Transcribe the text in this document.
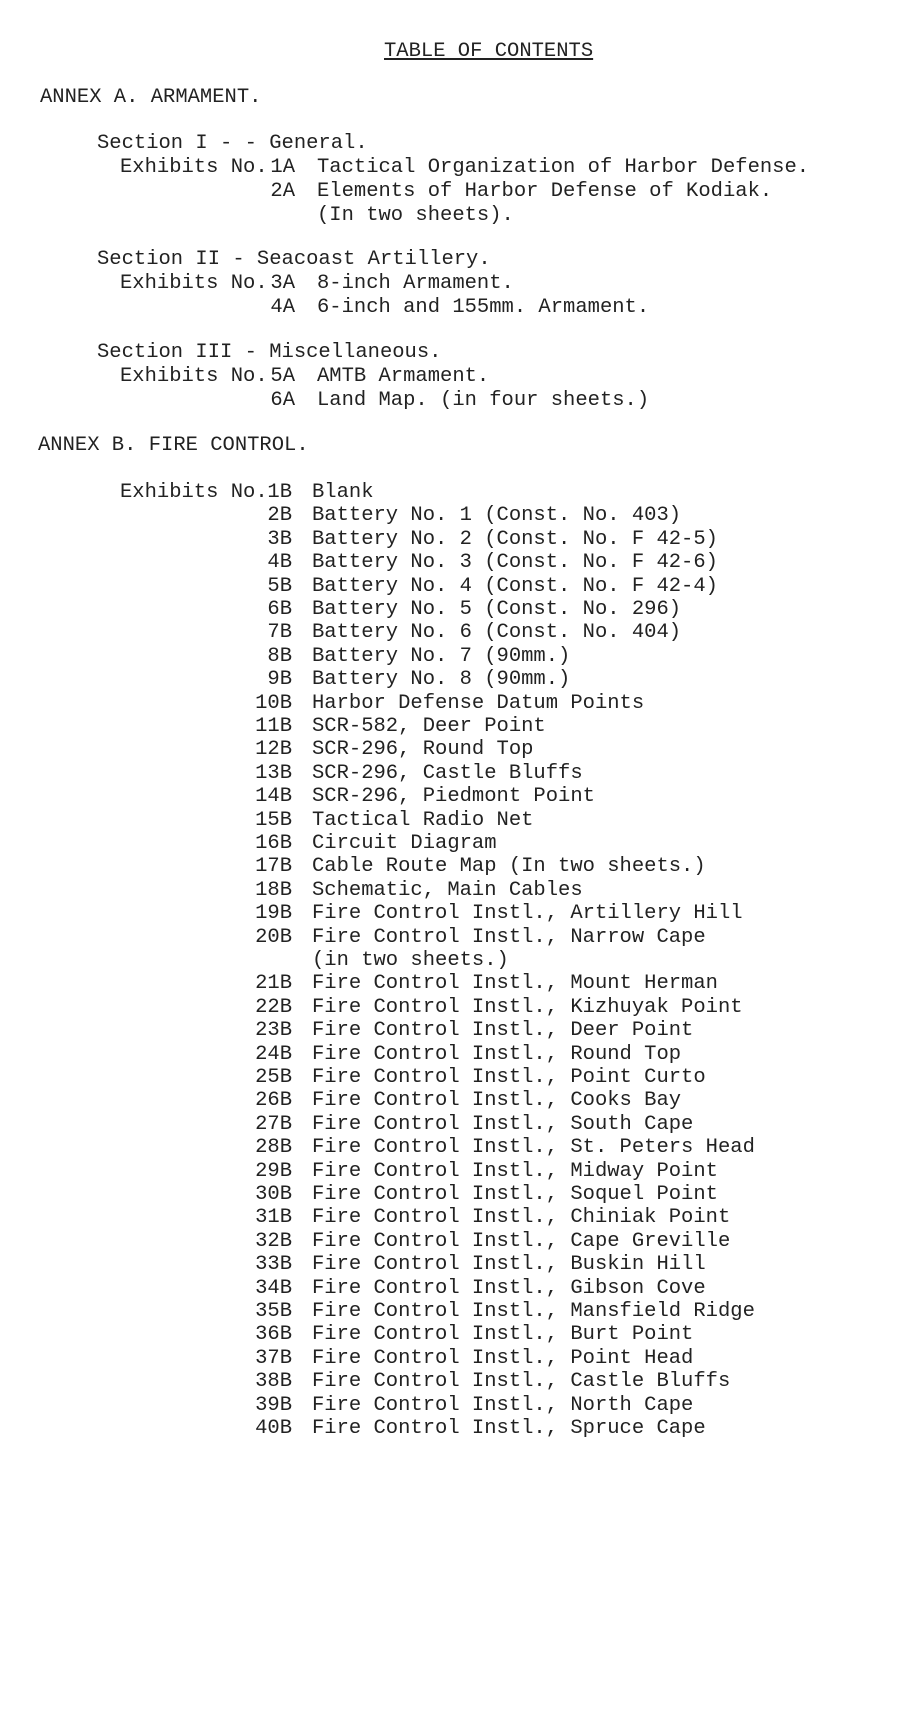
TABLE OF CONTENTS
ANNEX A. ARMAMENT.
Section I - - General.
Exhibits No. 1A Tactical Organization of Harbor Defense.
2A Elements of Harbor Defense of Kodiak.
(In two sheets).
Section II - Seacoast Artillery.
Exhibits No. 3A 8-inch Armament.
4A 6-inch and 155mm. Armament.
Section III - Miscellaneous.
Exhibits No. 5A AMTB Armament.
6A Land Map. (in four sheets.)
ANNEX B. FIRE CONTROL.
Exhibits No. 1B Blank
2B Battery No. 1 (Const. No. 403)
3B Battery No. 2 (Const. No. F 42-5)
4B Battery No. 3 (Const. No. F 42-6)
5B Battery No. 4 (Const. No. F 42-4)
6B Battery No. 5 (Const. No. 296)
7B Battery No. 6 (Const. No. 404)
8B Battery No. 7 (90mm.)
9B Battery No. 8 (90mm.)
10B Harbor Defense Datum Points
11B SCR-582, Deer Point
12B SCR-296, Round Top
13B SCR-296, Castle Bluffs
14B SCR-296, Piedmont Point
15B Tactical Radio Net
16B Circuit Diagram
17B Cable Route Map (In two sheets.)
18B Schematic, Main Cables
19B Fire Control Instl., Artillery Hill
20B Fire Control Instl., Narrow Cape
(in two sheets.)
21B Fire Control Instl., Mount Herman
22B Fire Control Instl., Kizhuyak Point
23B Fire Control Instl., Deer Point
24B Fire Control Instl., Round Top
25B Fire Control Instl., Point Curto
26B Fire Control Instl., Cooks Bay
27B Fire Control Instl., South Cape
28B Fire Control Instl., St. Peters Head
29B Fire Control Instl., Midway Point
30B Fire Control Instl., Soquel Point
31B Fire Control Instl., Chiniak Point
32B Fire Control Instl., Cape Greville
33B Fire Control Instl., Buskin Hill
34B Fire Control Instl., Gibson Cove
35B Fire Control Instl., Mansfield Ridge
36B Fire Control Instl., Burt Point
37B Fire Control Instl., Point Head
38B Fire Control Instl., Castle Bluffs
39B Fire Control Instl., North Cape
40B Fire Control Instl., Spruce Cape
